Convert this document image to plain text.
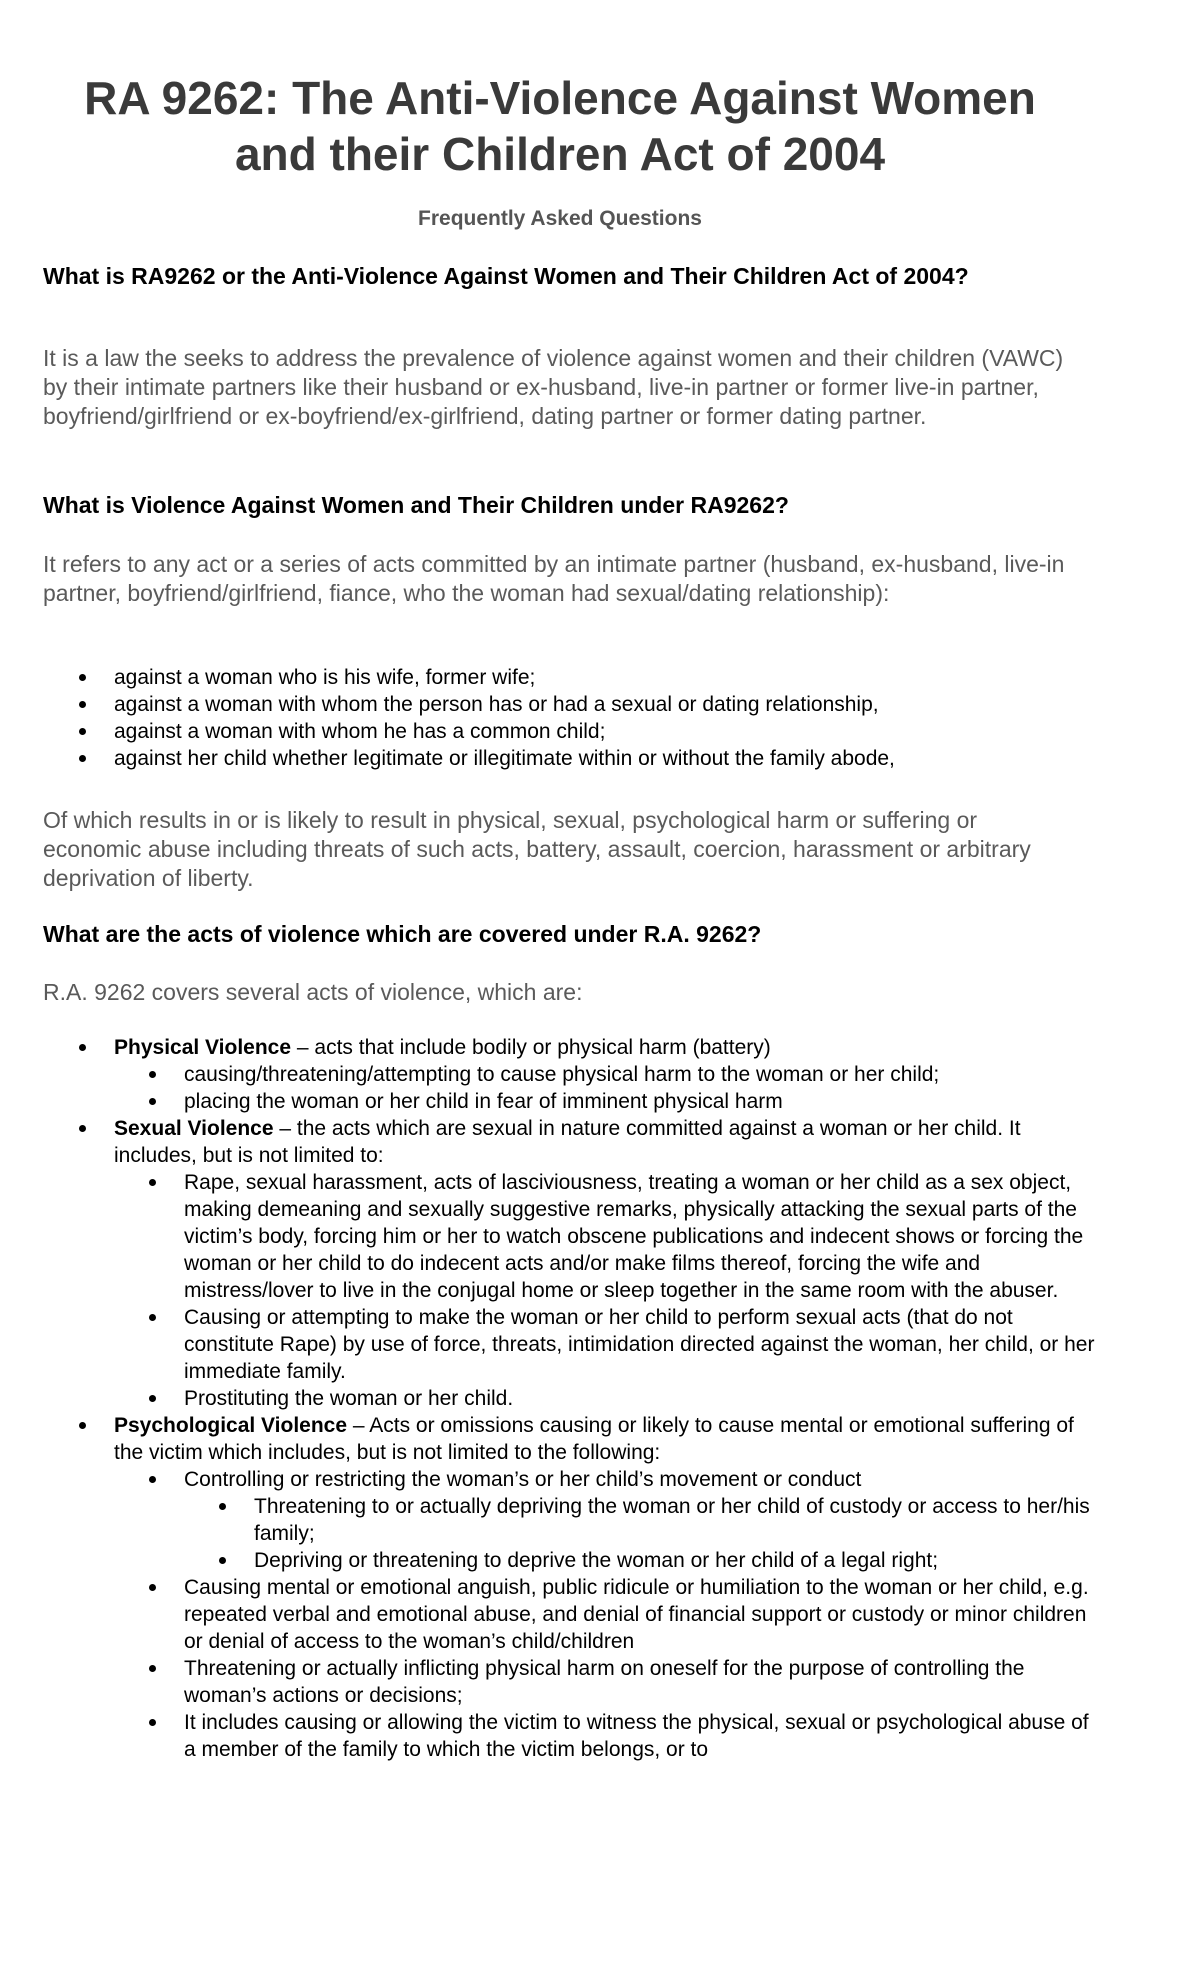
RA 9262: The Anti-Violence Against Women
and their Children Act of 2004
Frequently Asked Questions
What is RA9262 or the Anti-Violence Against Women and Their Children Act of 2004?
It is a law the seeks to address the prevalence of violence against women and their children (VAWC) by their intimate partners like their husband or ex-husband, live-in partner or former live-in partner, boyfriend/girlfriend or ex-boyfriend/ex-girlfriend, dating partner or former dating partner.
What is Violence Against Women and Their Children under RA9262?
It refers to any act or a series of acts committed by an intimate partner (husband, ex-husband, live-in partner, boyfriend/girlfriend, fiance, who the woman had sexual/dating relationship):
against a woman who is his wife, former wife;
against a woman with whom the person has or had a sexual or dating relationship,
against a woman with whom he has a common child;
against her child whether legitimate or illegitimate within or without the family abode,
Of which results in or is likely to result in physical, sexual, psychological harm or suffering or economic abuse including threats of such acts, battery, assault, coercion, harassment or arbitrary deprivation of liberty.
What are the acts of violence which are covered under R.A. 9262?
R.A. 9262 covers several acts of violence, which are:
Physical Violence – acts that include bodily or physical harm (battery)
causing/threatening/attempting to cause physical harm to the woman or her child;
placing the woman or her child in fear of imminent physical harm
Sexual Violence – the acts which are sexual in nature committed against a woman or her child. It includes, but is not limited to:
Rape, sexual harassment, acts of lasciviousness, treating a woman or her child as a sex object, making demeaning and sexually suggestive remarks, physically attacking the sexual parts of the victim’s body, forcing him or her to watch obscene publications and indecent shows or forcing the woman or her child to do indecent acts and/or make films thereof, forcing the wife and mistress/lover to live in the conjugal home or sleep together in the same room with the abuser.
Causing or attempting to make the woman or her child to perform sexual acts (that do not constitute Rape) by use of force, threats, intimidation directed against the woman, her child, or her immediate family.
Prostituting the woman or her child.
Psychological Violence – Acts or omissions causing or likely to cause mental or emotional suffering of the victim which includes, but is not limited to the following:
Controlling or restricting the woman’s or her child’s movement or conduct
Threatening to or actually depriving the woman or her child of custody or access to her/his family;
Depriving or threatening to deprive the woman or her child of a legal right;
Causing mental or emotional anguish, public ridicule or humiliation to the woman or her child, e.g. repeated verbal and emotional abuse, and denial of financial support or custody or minor children or denial of access to the woman’s child/children
Threatening or actually inflicting physical harm on oneself for the purpose of controlling the woman’s actions or decisions;
It includes causing or allowing the victim to witness the physical, sexual or psychological abuse of a member of the family to which the victim belongs, or to
